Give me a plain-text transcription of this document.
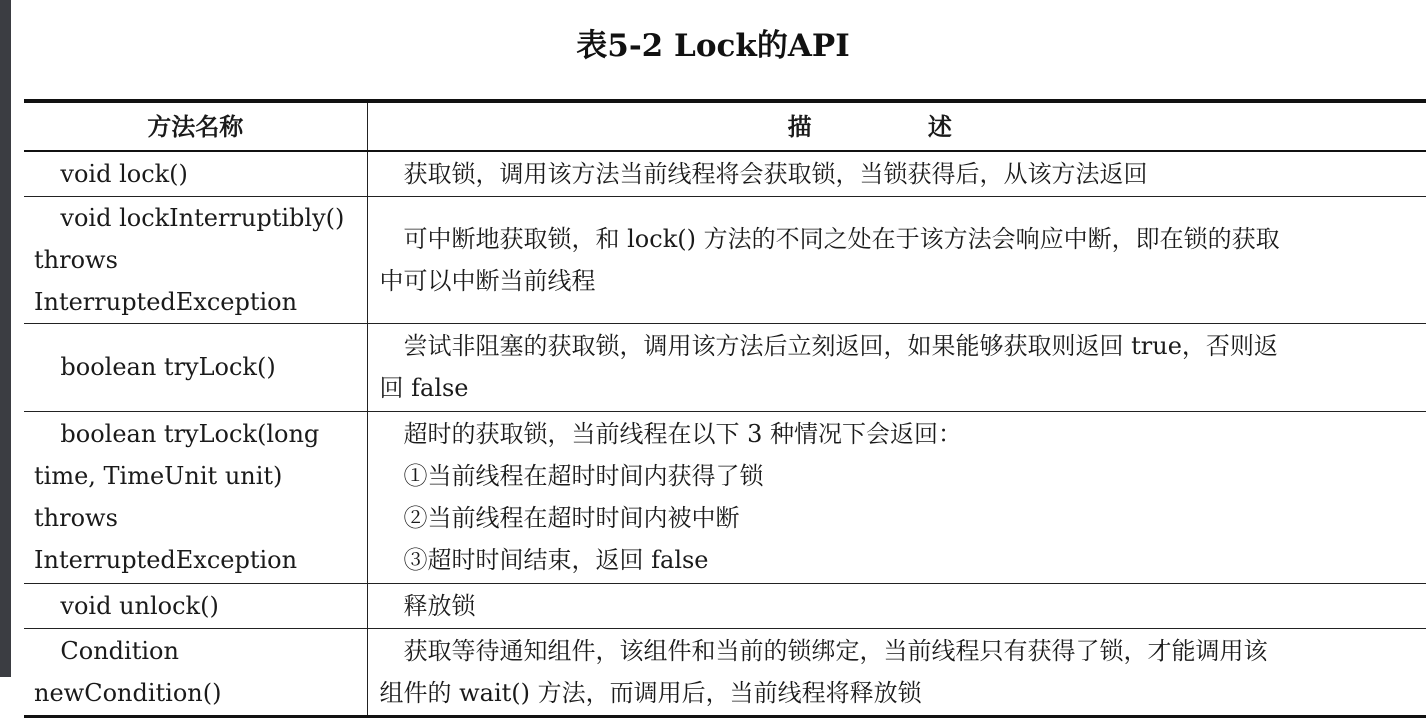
表5-2 Lock的API
方法名称	描 述

void lock()	获取锁，调用该方法当前线程将会获取锁，当锁获得后，从该方法返回

void lockInterruptibly()
throws InterruptedException	可中断地获取锁，和 lock() 方法的不同之处在于该方法会响应中断，即在锁的获取
中可以中断当前线程

boolean tryLock()	尝试非阻塞的获取锁，调用该方法后立刻返回，如果能够获取则返回 true，否则返
回 false

boolean tryLock(long
time, TimeUnit unit) throws
InterruptedException	超时的获取锁，当前线程在以下 3 种情况下会返回：
①当前线程在超时时间内获得了锁
②当前线程在超时时间内被中断
③超时时间结束，返回 false

void unlock()	释放锁

Condition newCondition()	获取等待通知组件，该组件和当前的锁绑定，当前线程只有获得了锁，才能调用该
组件的 wait() 方法，而调用后，当前线程将释放锁
